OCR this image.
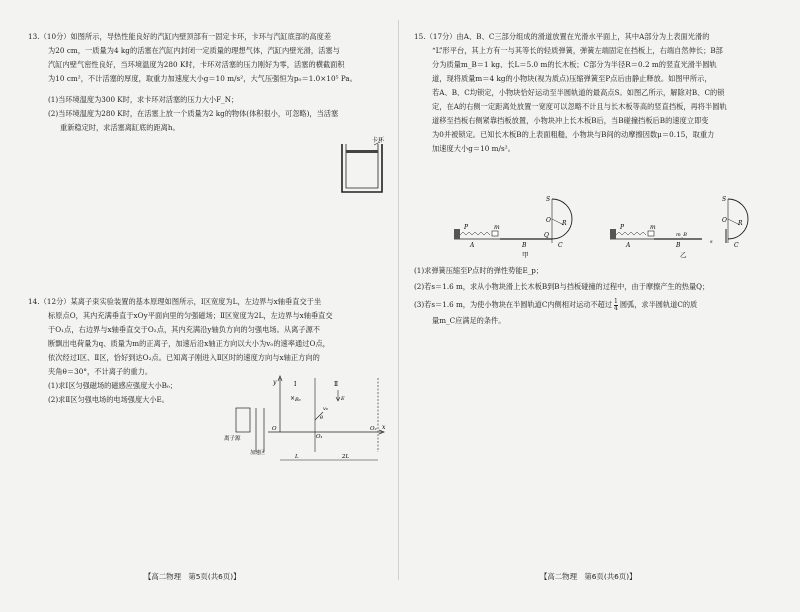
13.（10分）如图所示，导热性能良好的汽缸内壁顶部有一固定卡环，卡环与汽缸底部的高度差
为20 cm，一质量为4 kg的活塞在汽缸内封闭一定质量的理想气体，汽缸内壁光滑，活塞与
汽缸内壁气密性良好，当环境温度为280 K时，卡环对活塞的压力刚好为零，活塞的横截面积
为10 cm²，不计活塞的厚度，取重力加速度大小g＝10 m/s²，大气压强恒为p₀＝1.0×10⁵ Pa。
(1)当环境温度为300 K时，求卡环对活塞的压力大小F_N；
(2)当环境温度为280 K时，在活塞上放一个质量为2 kg的物体(体积很小，可忽略)，当活塞
重新稳定时，求活塞离缸底的距离h。
卡环
14.（12分）某离子束实验装置的基本原理如图所示，Ⅰ区宽度为L，左边界与x轴垂直交于坐
标原点O，其内充满垂直于xOy平面向里的匀强磁场；Ⅱ区宽度为2L，左边界与x轴垂直交
于O₁点，右边界与x轴垂直交于O₂点，其内充满沿y轴负方向的匀强电场。从离子源不
断飘出电荷量为q、质量为m的正离子，加速后沿x轴正方向以大小为v₀的速率通过O点，
依次经过Ⅰ区、Ⅱ区，恰好到达O₂点。已知离子刚进入Ⅱ区时的速度方向与x轴正方向的
夹角θ＝30°，不计离子的重力。
(1)求Ⅰ区匀强磁场的磁感应强度大小B₀；
(2)求Ⅱ区匀强电场的电场强度大小E。
y
x
Ⅰ	Ⅱ
× B₀	E
v₀
θ
离子源
加速区
O
O₁
O₂
L	2L
【高二物理　第5页(共6页)】
15.（17分）由A、B、C三部分组成的滑道放置在光滑水平面上，其中A部分为上表面光滑的
“L”形平台，其上方有一与其等长的轻质弹簧，弹簧左端固定在挡板上，右端自然伸长；B部
分为质量m_B＝1 kg、长L＝5.0 m的长木板；C部分为半径R＝0.2 m的竖直光滑半圆轨
道，现将质量m＝4 kg的小物块(视为质点)压缩弹簧至P点后由静止释放。如图甲所示，
若A、B、C均锁定，小物块恰好运动至半圆轨道的最高点S。如图乙所示，解除对B、C的锁
定，在A的右侧一定距离处放置一宽度可以忽略不计且与长木板等高的竖直挡板，再将半圆轨
道移至挡板右侧紧靠挡板放置，小物块冲上长木板B后，当B碰撞挡板后B的速度立即变
为0并被锁定。已知长木板B的上表面粗糙，小物块与B间的动摩擦因数μ＝0.15，取重力
加速度大小g＝10 m/s²。
P	m
A	B
S
O R
Q
C
甲
P	m
A
m_B
B	s
S
O R
C
乙
(1)求弹簧压缩至P点时的弹性势能E_p；
(2)若s＝1.6 m，求从小物块滑上长木板B到B与挡板碰撞的过程中，由于摩擦产生的热量Q；
(3)若s＝1.6 m，为使小物块在半圆轨道C内侧相对运动不超过 $\frac{1}{4}$ 圆弧，求半圆轨道C的质
量m_C应满足的条件。
【高二物理　第6页(共6页)】
